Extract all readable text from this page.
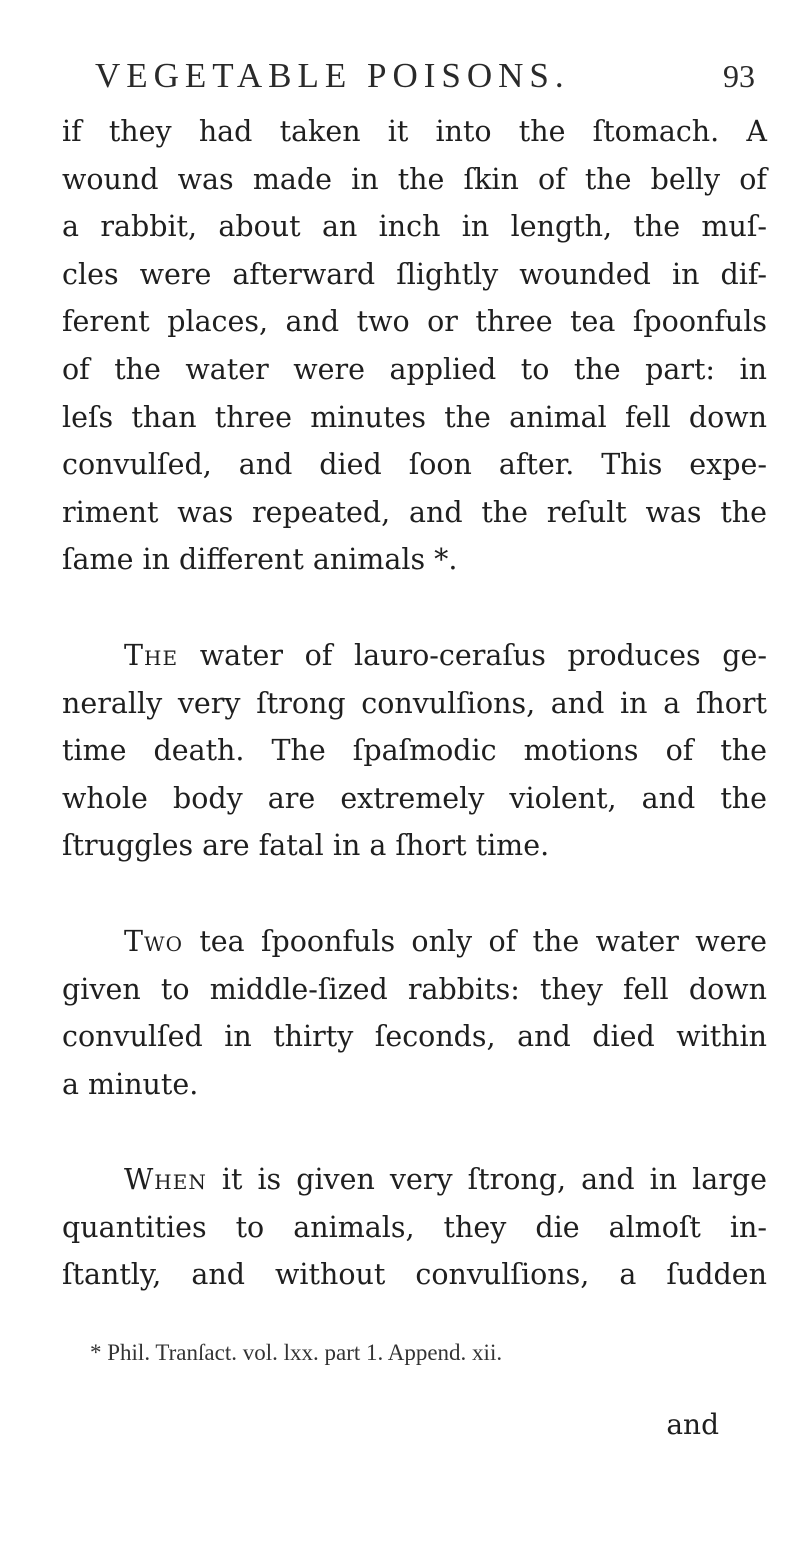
VEGETABLE POISONS.	93
if they had taken it into the ſtomach. A
wound was made in the ſkin of the belly of
a rabbit, about an inch in length, the muſ-
cles were afterward ſlightly wounded in dif-
ferent places, and two or three tea ſpoonfuls
of the water were applied to the part: in
leſs than three minutes the animal fell down
convulſed, and died ſoon after. This expe-
riment was repeated, and the reſult was the
ſame in different animals *.
The water of lauro-ceraſus produces ge-
nerally very ſtrong convulſions, and in a ſhort
time death. The ſpaſmodic motions of the
whole body are extremely violent, and the
ſtruggles are fatal in a ſhort time.
Two tea ſpoonfuls only of the water were
given to middle-ſized rabbits: they fell down
convulſed in thirty ſeconds, and died within
a minute.
When it is given very ſtrong, and in large
quantities to animals, they die almoſt in-
ſtantly, and without convulſions, a ſudden
* Phil. Tranſact. vol. lxx. part 1. Append. xii.
and
